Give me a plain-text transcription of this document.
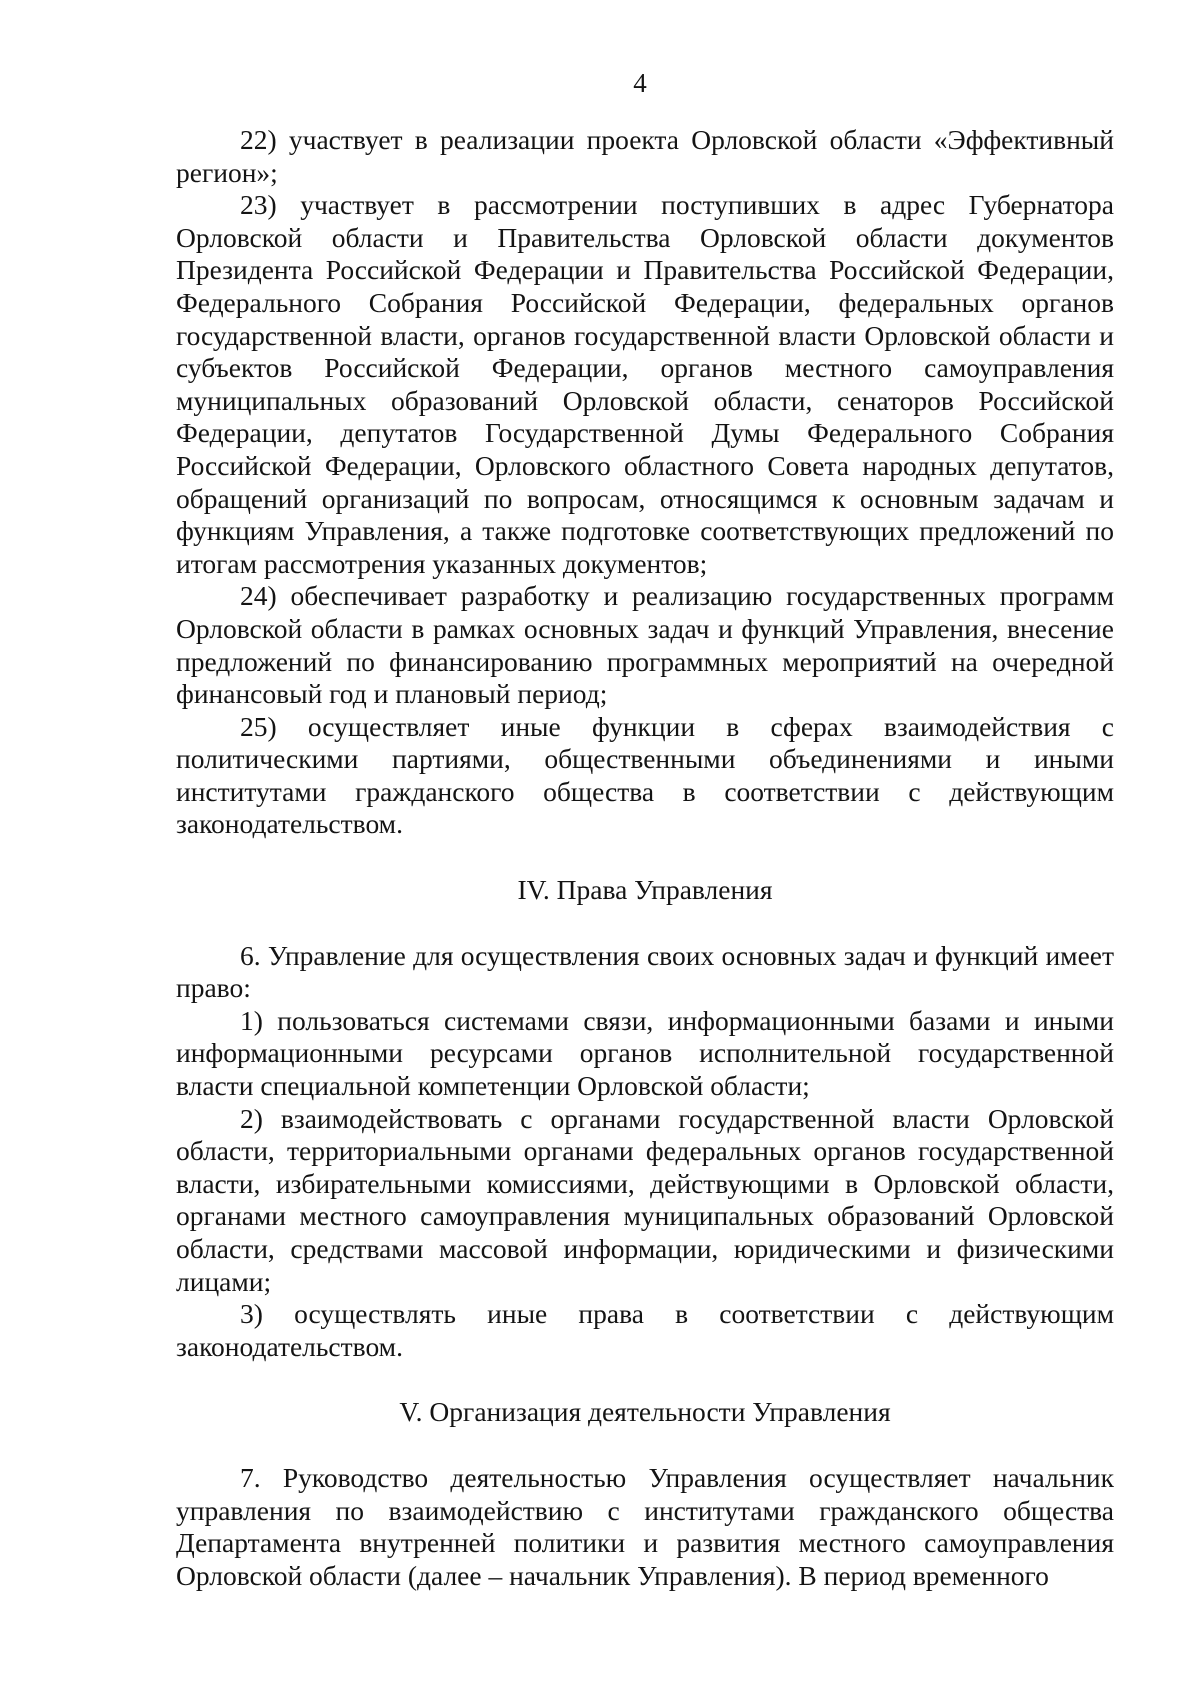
4

22) участвует в реализации проекта Орловской области «Эффективный регион»;

23) участвует в рассмотрении поступивших в адрес Губернатора Орловской области и Правительства Орловской области документов Президента Российской Федерации и Правительства Российской Федерации, Федерального Собрания Российской Федерации, федеральных органов государственной власти, органов государственной власти Орловской области и субъектов Российской Федерации, органов местного самоуправления муниципальных образований Орловской области, сенаторов Российской Федерации, депутатов Государственной Думы Федерального Собрания Российской Федерации, Орловского областного Совета народных депутатов, обращений организаций по вопросам, относящимся к основным задачам и функциям Управления, а также подготовке соответствующих предложений по итогам рассмотрения указанных документов;

24) обеспечивает разработку и реализацию государственных программ Орловской области в рамках основных задач и функций Управления, внесение предложений по финансированию программных мероприятий на очередной финансовый год и плановый период;

25) осуществляет иные функции в сферах взаимодействия с политическими партиями, общественными объединениями и иными институтами гражданского общества в соответствии с действующим законодательством.

IV. Права Управления

6. Управление для осуществления своих основных задач и функций имеет право:

1) пользоваться системами связи, информационными базами и иными информационными ресурсами органов исполнительной государственной власти специальной компетенции Орловской области;

2) взаимодействовать с органами государственной власти Орловской области, территориальными органами федеральных органов государственной власти, избирательными комиссиями, действующими в Орловской области, органами местного самоуправления муниципальных образований Орловской области, средствами массовой информации, юридическими и физическими лицами;

3) осуществлять иные права в соответствии с действующим законодательством.

V. Организация деятельности Управления

7. Руководство деятельностью Управления осуществляет начальник управления по взаимодействию с институтами гражданского общества Департамента внутренней политики и развития местного самоуправления Орловской области (далее – начальник Управления). В период временного
